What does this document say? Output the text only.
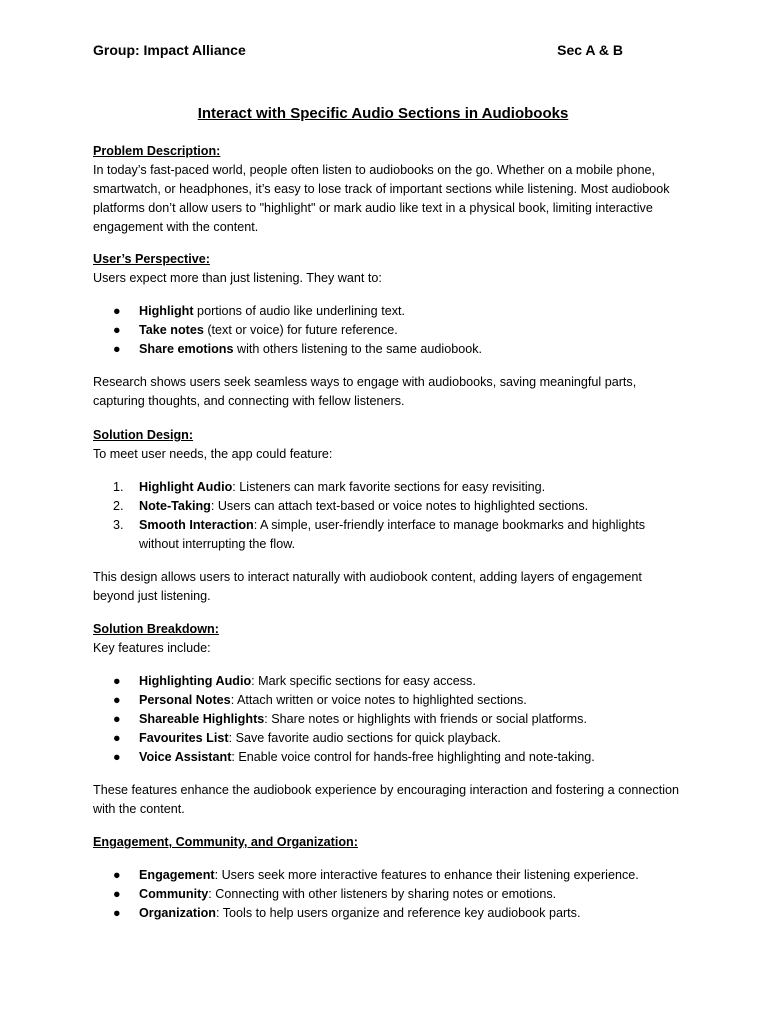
Group: Impact Alliance	Sec A & B
Interact with Specific Audio Sections in Audiobooks
Problem Description:

In today’s fast-paced world, people often listen to audiobooks on the go. Whether on a mobile phone, smartwatch, or headphones, it’s easy to lose track of important sections while listening. Most audiobook platforms don’t allow users to "highlight" or mark audio like text in a physical book, limiting interactive engagement with the content.

User’s Perspective:

Users expect more than just listening. They want to:

● Highlight portions of audio like underlining text.
● Take notes (text or voice) for future reference.
● Share emotions with others listening to the same audiobook.

Research shows users seek seamless ways to engage with audiobooks, saving meaningful parts, capturing thoughts, and connecting with fellow listeners.

Solution Design:

To meet user needs, the app could feature:

1. Highlight Audio: Listeners can mark favorite sections for easy revisiting.
2. Note-Taking: Users can attach text-based or voice notes to highlighted sections.
3. Smooth Interaction: A simple, user-friendly interface to manage bookmarks and highlights without interrupting the flow.

This design allows users to interact naturally with audiobook content, adding layers of engagement beyond just listening.

Solution Breakdown:

Key features include:

● Highlighting Audio: Mark specific sections for easy access.
● Personal Notes: Attach written or voice notes to highlighted sections.
● Shareable Highlights: Share notes or highlights with friends or social platforms.
● Favourites List: Save favorite audio sections for quick playback.
● Voice Assistant: Enable voice control for hands-free highlighting and note-taking.

These features enhance the audiobook experience by encouraging interaction and fostering a connection with the content.

Engagement, Community, and Organization:
● Engagement: Users seek more interactive features to enhance their listening experience.
● Community: Connecting with other listeners by sharing notes or emotions.
● Organization: Tools to help users organize and reference key audiobook parts.
